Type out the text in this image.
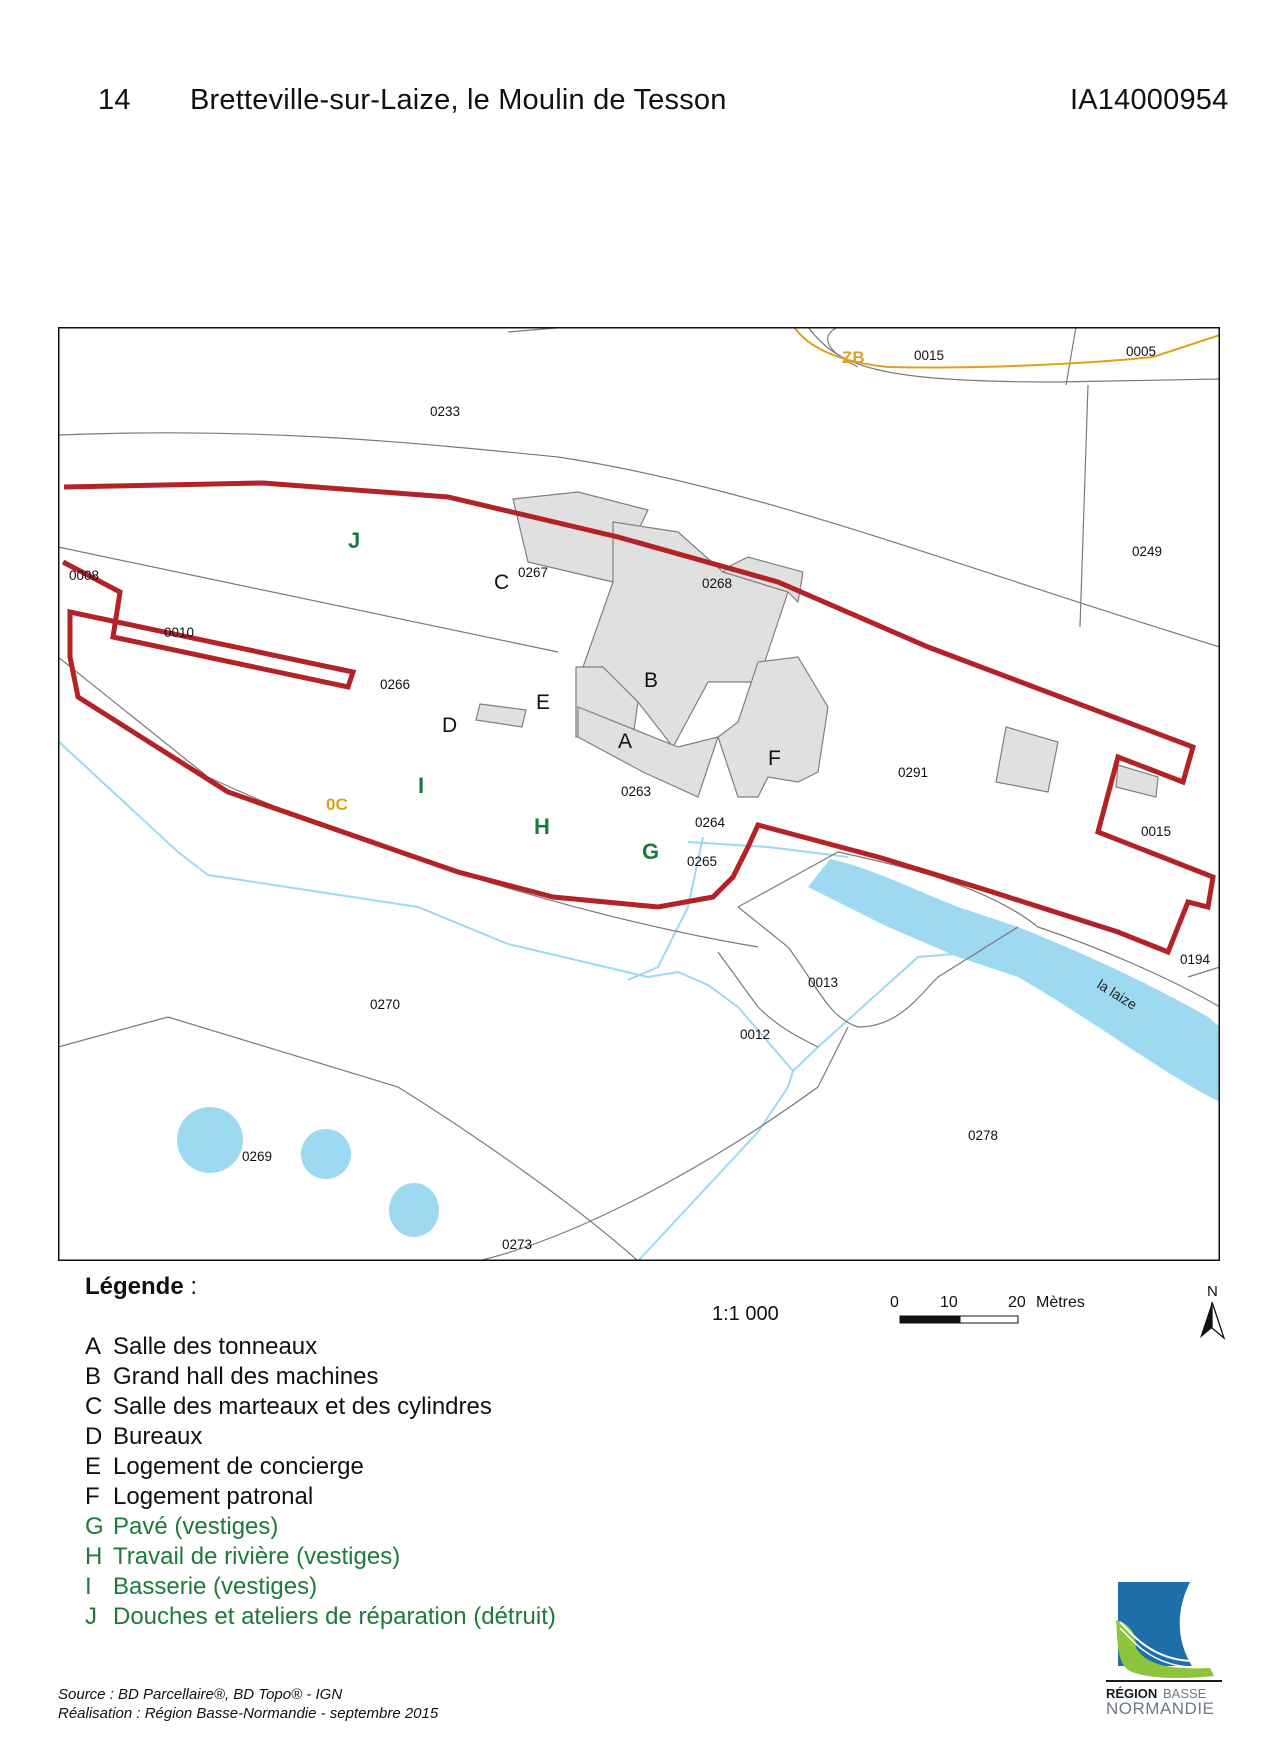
14 Bretteville-sur-Laize, le Moulin de Tesson	IA14000954
0015	0005
0233
0249
0008
0010
0267
0268
0266
0263
0264
0265
0291
0015
0194
0013
0012
0270
0278
0269
0273
ZB
0C
C
B
E
D
A
F
J
I
H
G
la laize
Légende :
A Salle des tonneaux
B Grand hall des machines
C Salle des marteaux et des cylindres
D Bureaux
E Logement de concierge
F Logement patronal
G Pavé (vestiges)
H Travail de rivière (vestiges)
I Basserie (vestiges)
J Douches et ateliers de réparation (détruit)
1:1 000
0	10	20 Mètres
N
Source : BD Parcellaire®, BD Topo® - IGN
Réalisation : Région Basse-Normandie - septembre 2015
RÉGION BASSE
NORMANDIE
